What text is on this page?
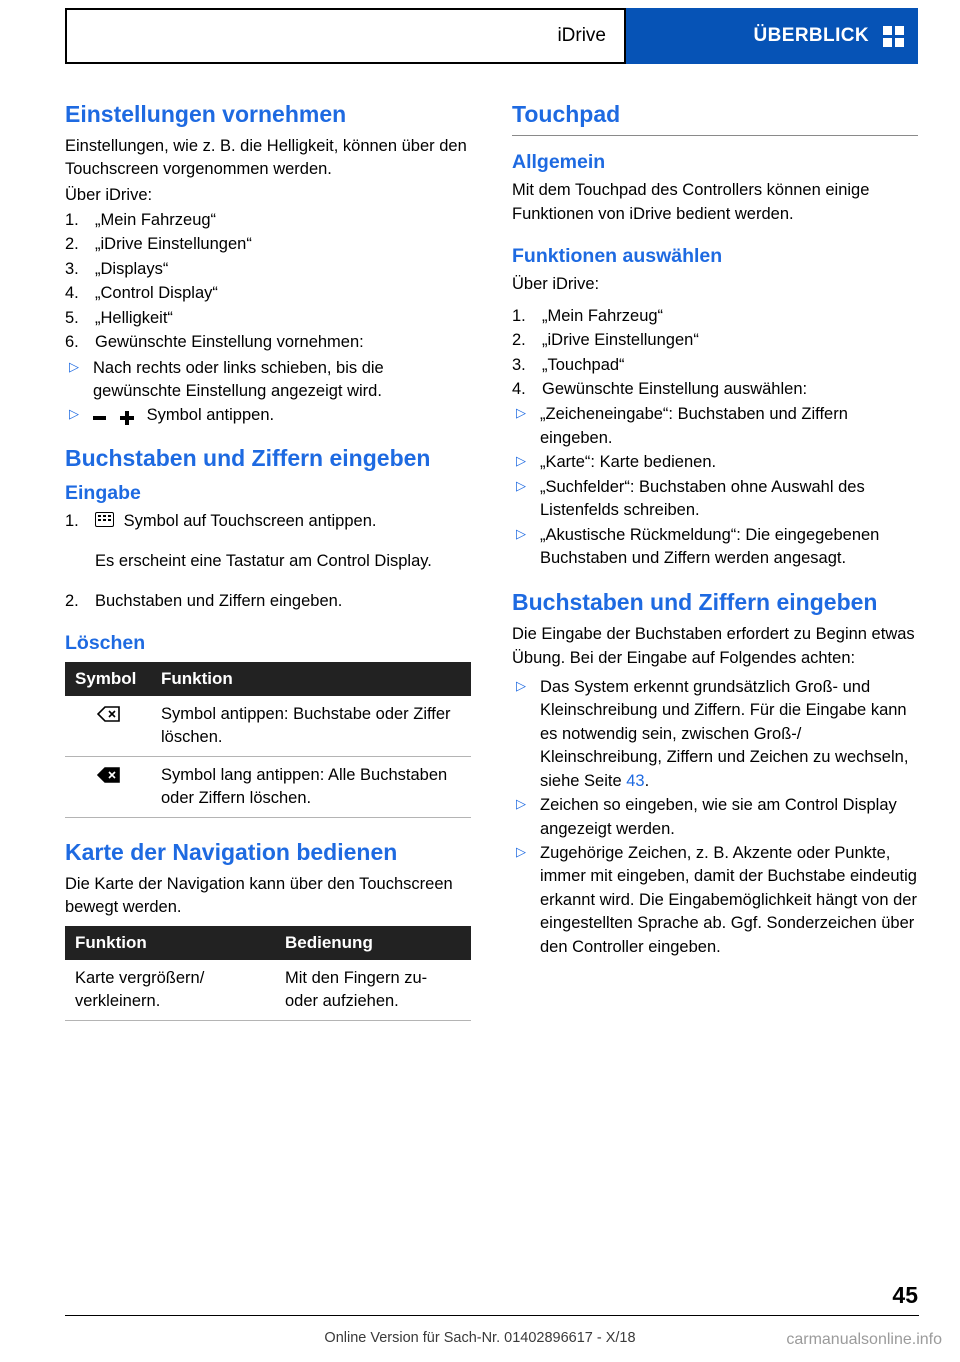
iDrive	ÜBERBLICK
Einstellungen vornehmen

Einstellungen, wie z. B. die Helligkeit, können über den Touchscreen vorgenommen werden.

Über iDrive:

1. „Mein Fahrzeug“
2. „iDrive Einstellungen“
3. „Displays“
4. „Control Display“
5. „Helligkeit“
6. Gewünschte Einstellung vornehmen:
▷ Nach rechts oder links schieben, bis die gewünschte Einstellung angezeigt wird.
▷	Symbol antippen.
Buchstaben und Ziffern eingeben
Eingabe
1.	Symbol auf Touchscreen antippen.

Es erscheint eine Tastatur am Control Display.

2. Buchstaben und Ziffern eingeben.
Löschen
Symbol	Funktion

	Symbol antippen: Buchstabe oder Ziffer löschen.

	Symbol lang antippen: Alle Buchstaben oder Ziffern löschen.
Karte der Navigation bedienen

Die Karte der Navigation kann über den Touchscreen bewegt werden.

Funktion	Bedienung
Karte vergrößern/ verkleinern.	Mit den Fingern zu- oder aufziehen.
Touchpad
Allgemein

Mit dem Touchpad des Controllers können einige Funktionen von iDrive bedient werden.

Funktionen auswählen

Über iDrive:

1. „Mein Fahrzeug“
2. „iDrive Einstellungen“
3. „Touchpad“
4. Gewünschte Einstellung auswählen:
▷ „Zeicheneingabe“: Buchstaben und Ziffern eingeben.
▷ „Karte“: Karte bedienen.
▷ „Suchfelder“: Buchstaben ohne Auswahl des Listenfelds schreiben.
▷ „Akustische Rückmeldung“: Die eingegebenen Buchstaben und Ziffern werden angesagt.
Buchstaben und Ziffern eingeben

Die Eingabe der Buchstaben erfordert zu Beginn etwas Übung. Bei der Eingabe auf Folgendes achten:

▷ Das System erkennt grundsätzlich Groß- und Kleinschreibung und Ziffern. Für die Eingabe kann es notwendig sein, zwischen Groß-/ Kleinschreibung, Ziffern und Zeichen zu wechseln, siehe Seite 43.
▷ Zeichen so eingeben, wie sie am Control Display angezeigt werden.
▷ Zugehörige Zeichen, z. B. Akzente oder Punkte, immer mit eingeben, damit der Buchstabe eindeutig erkannt wird. Die Eingabemöglichkeit hängt von der eingestellten Sprache ab. Ggf. Sonderzeichen über den Controller eingeben.
45
Online Version für Sach-Nr. 01402896617 - X/18	carmanualsonline.info
